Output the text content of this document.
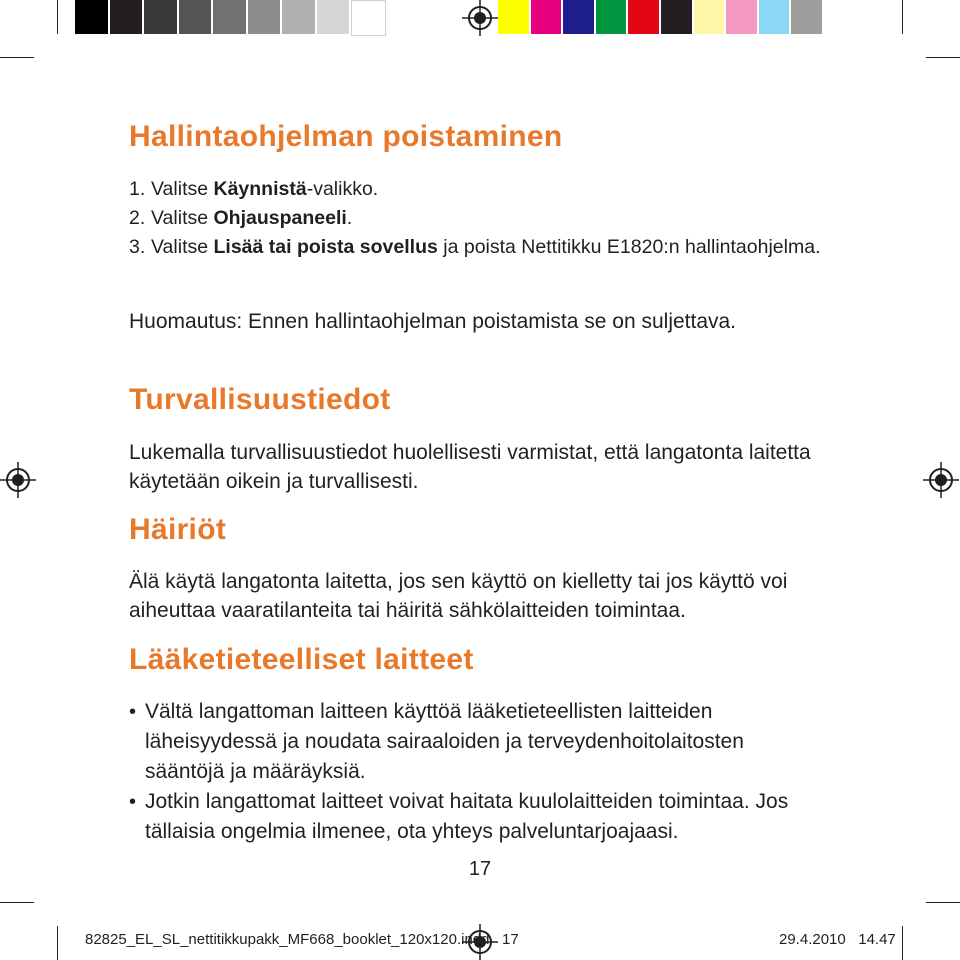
Hallintaohjelman poistaminen
1. Valitse Käynnistä-valikko.
2. Valitse Ohjauspaneeli.
3. Valitse Lisää tai poista sovellus ja poista Nettitikku E1820:n hallintaohjelma.
Huomautus: Ennen hallintaohjelman poistamista se on suljettava.
Turvallisuustiedot
Lukemalla turvallisuustiedot huolellisesti varmistat, että langatonta laitetta käytetään oikein ja turvallisesti.
Häiriöt
Älä käytä langatonta laitetta, jos sen käyttö on kielletty tai jos käyttö voi aiheuttaa vaaratilanteita tai häiritä sähkölaitteiden toimintaa.
Lääketieteelliset laitteet
• Vältä langattoman laitteen käyttöä lääketieteellisten laitteiden läheisyydessä ja noudata sairaaloiden ja terveydenhoitolaitosten sääntöjä ja määräyksiä.
• Jotkin langattomat laitteet voivat haitata kuulolaitteiden toimintaa. Jos tällaisia ongelmia ilmenee, ota yhteys palveluntarjoajaasi.
17
82825_EL_SL_nettitikkupakk_MF668_booklet_120x120.indd   17	29.4.2010   14.47
